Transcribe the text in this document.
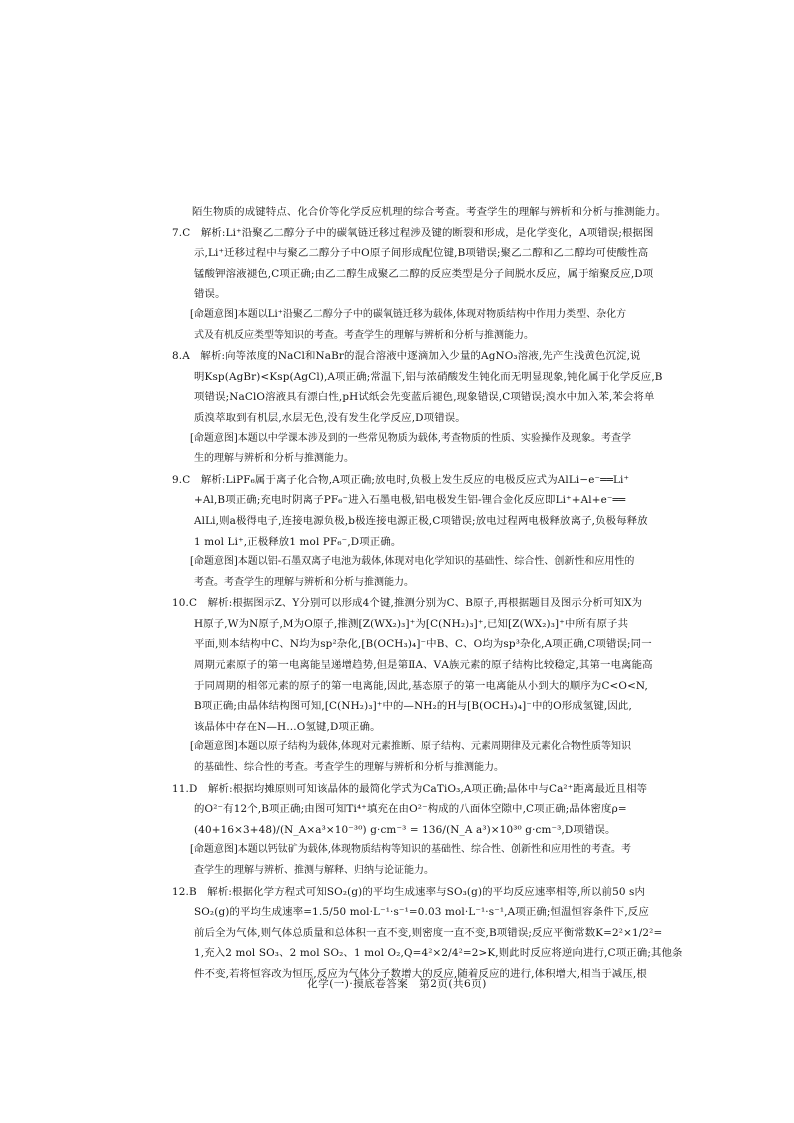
陌生物质的成键特点、化合价等化学反应机理的综合考查。考查学生的理解与辨析和分析与推测能力。
7.C　解析:Li⁺沿聚乙二醇分子中的碳氧链迁移过程涉及键的断裂和形成，是化学变化，A项错误;根据图
示,Li⁺迁移过程中与聚乙二醇分子中O原子间形成配位键,B项错误;聚乙二醇和乙二醇均可使酸性高
锰酸钾溶液褪色,C项正确;由乙二醇生成聚乙二醇的反应类型是分子间脱水反应，属于缩聚反应,D项
错误。
[命题意图]本题以Li⁺沿聚乙二醇分子中的碳氧链迁移为载体,体现对物质结构中作用力类型、杂化方
式及有机反应类型等知识的考查。考查学生的理解与辨析和分析与推测能力。
8.A　解析:向等浓度的NaCl和NaBr的混合溶液中逐滴加入少量的AgNO₃溶液,先产生浅黄色沉淀,说
明Ksp(AgBr)<Ksp(AgCl),A项正确;常温下,铝与浓硝酸发生钝化而无明显现象,钝化属于化学反应,B
项错误;NaClO溶液具有漂白性,pH试纸会先变蓝后褪色,现象错误,C项错误;溴水中加入苯,苯会将单
质溴萃取到有机层,水层无色,没有发生化学反应,D项错误。
[命题意图]本题以中学课本涉及到的一些常见物质为载体,考查物质的性质、实验操作及现象。考查学
生的理解与辨析和分析与推测能力。
9.C　解析:LiPF₆属于离子化合物,A项正确;放电时,负极上发生反应的电极反应式为AlLi−e⁻══Li⁺
+Al,B项正确;充电时阴离子PF₆⁻进入石墨电极,铝电极发生铝-锂合金化反应即Li⁺+Al+e⁻══
AlLi,则a极得电子,连接电源负极,b极连接电源正极,C项错误;放电过程两电极释放离子,负极每释放
1 mol Li⁺,正极释放1 mol PF₆⁻,D项正确。
[命题意图]本题以铝-石墨双离子电池为载体,体现对电化学知识的基础性、综合性、创新性和应用性的
考查。考查学生的理解与辨析和分析与推测能力。
10.C　解析:根据图示Z、Y分别可以形成4个键,推测分别为C、B原子,再根据题目及图示分析可知X为
H原子,W为N原子,M为O原子,推测[Z(WX₂)₃]⁺为[C(NH₂)₃]⁺,已知[Z(WX₂)₃]⁺中所有原子共
平面,则本结构中C、N均为sp²杂化,[B(OCH₃)₄]⁻中B、C、O均为sp³杂化,A项正确,C项错误;同一
周期元素原子的第一电离能呈递增趋势,但是第ⅡA、ⅤA族元素的原子结构比较稳定,其第一电离能高
于同周期的相邻元素的原子的第一电离能,因此,基态原子的第一电离能从小到大的顺序为C<O<N,
B项正确;由晶体结构图可知,[C(NH₂)₃]⁺中的—NH₂的H与[B(OCH₃)₄]⁻中的O形成氢键,因此,
该晶体中存在N—H…O氢键,D项正确。
[命题意图]本题以原子结构为载体,体现对元素推断、原子结构、元素周期律及元素化合物性质等知识
的基础性、综合性的考查。考查学生的理解与辨析和分析与推测能力。
11.D　解析:根据均摊原则可知该晶体的最简化学式为CaTiO₃,A项正确;晶体中与Ca²⁺距离最近且相等
的O²⁻有12个,B项正确;由图可知Ti⁴⁺填充在由O²⁻构成的八面体空隙中,C项正确;晶体密度ρ=
(40+16×3+48)/(N_A×a³×10⁻³⁰) g·cm⁻³ = 136/(N_A a³)×10³⁰ g·cm⁻³,D项错误。
[命题意图]本题以钙钛矿为载体,体现物质结构等知识的基础性、综合性、创新性和应用性的考查。考
查学生的理解与辨析、推测与解释、归纳与论证能力。
12.B　解析:根据化学方程式可知SO₂(g)的平均生成速率与SO₃(g)的平均反应速率相等,所以前50 s内
SO₂(g)的平均生成速率=1.5/50 mol·L⁻¹·s⁻¹=0.03 mol·L⁻¹·s⁻¹,A项正确;恒温恒容条件下,反应
前后全为气体,则气体总质量和总体积一直不变,则密度一直不变,B项错误;反应平衡常数K=2²×1/2²=
1,充入2 mol SO₃、2 mol SO₂、1 mol O₂,Q=4²×2/4²=2>K,则此时反应将逆向进行,C项正确;其他条
件不变,若将恒容改为恒压,反应为气体分子数增大的反应,随着反应的进行,体积增大,相当于减压,根
化学(一)·摸底卷答案　第2页(共6页)
